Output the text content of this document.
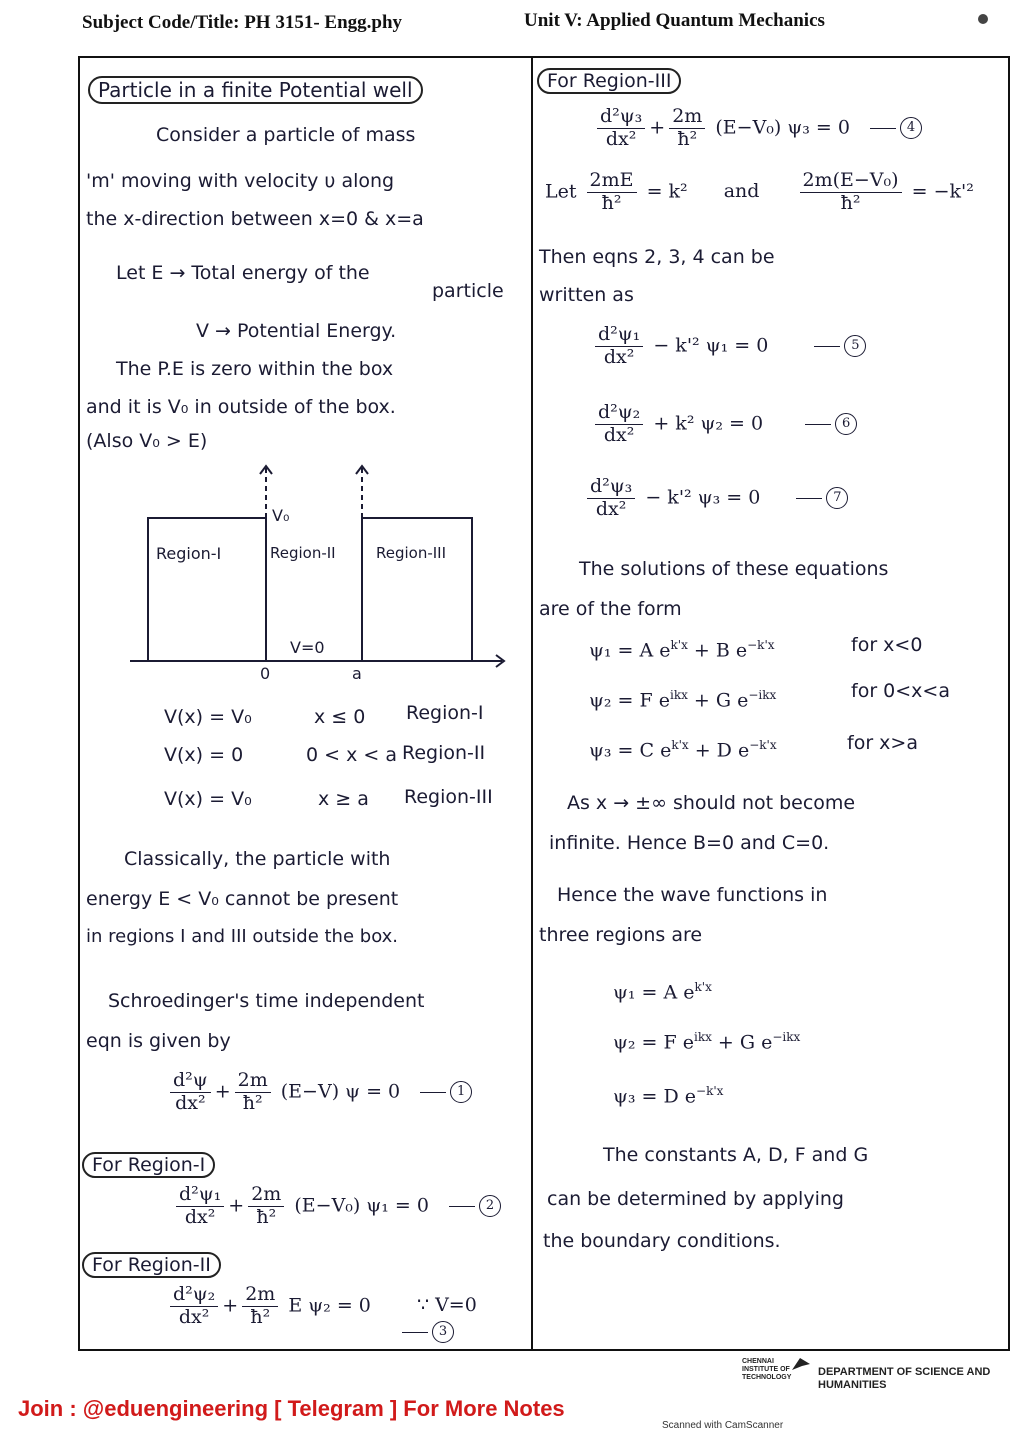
Subject Code/Title: PH 3151- Engg.phy	Unit V: Applied Quantum Mechanics
Particle in a finite Potential well
Consider a particle of mass
'm' moving with velocity υ along
the x-direction between x=0 & x=a
Let E → Total energy of the
particle
V → Potential Energy.
The P.E is zero within the box
and it is V₀ in outside of the box.
(Also V₀ > E)
V₀
Region-I	Region-II	Region-III
V=0
0	a
V(x) = V₀	x ≤ 0 Region-I
V(x) = 0	0 < x < a Region-II
V(x) = V₀	x ≥ a Region-III
Classically, the particle with
energy E < V₀ cannot be present
in regions I and III outside the box.
Schroedinger's time independent
eqn is given by
$\frac{\text{d²ψ}}{\text{dx²}} + \frac{2m}{\text{ħ²}} (E-V) \psi = 0$	1
For Region-I
$\frac{\text{d²ψ₁}}{\text{dx²}} + \frac{2m}{\text{ħ²}} (E-V_0) \psi_1 = 0$	2
For Region-II
$\frac{\text{d²ψ₂}}{\text{dx²}} + \frac{2m}{\text{ħ²}}$ E ψ₂ = 0 ∵ V=0
3
For Region-III
$\frac{\text{d²ψ₃}}{\text{dx²}} + \frac{2m}{\text{ħ²}} (E-V_0) \psi_3 = 0$	4
Let $\frac{2mE}{\text{ħ²}} = k^2$ and $\frac{\text{2m(E−V₀)}}{\text{ħ²}} = -k'^2$
Then eqns 2, 3, 4 can be
written as
$\frac{\text{d²ψ₁}}{\text{dx²}} - k'^2$ ψ₁ = 0	5
$\frac{\text{d²ψ₂}}{\text{dx²}} + k^2$ ψ₂ = 0	6
$\frac{\text{d²ψ₃}}{\text{dx²}} - k'^2$ ψ₃ = 0	7
The solutions of these equations
are of the form
ψ₁ = A $e^{k'x} + B$ $e^{-k'x}$	for x<0
ψ₂ = F $e^{ikx} + G$ $e^{-ikx}$	for 0<x<a
ψ₃ = C $e^{k'x} + D$ $e^{-k'x}$	for x>a
As x → ±∞ should not become
infinite. Hence B=0 and C=0.
Hence the wave functions in
three regions are
ψ₁ = A $e^{k'x}$
ψ₂ = F $e^{ikx} + G$ $e^{-ikx}$
ψ₃ = D $e^{-k'x}$
The constants A, D, F and G
can be determined by applying
the boundary conditions.
CHENNAI INSTITUTE OF TECHNOLOGY DEPARTMENT OF SCIENCE AND HUMANITIES
Join : @eduengineering [ Telegram ] For More Notes
Scanned with CamScanner
